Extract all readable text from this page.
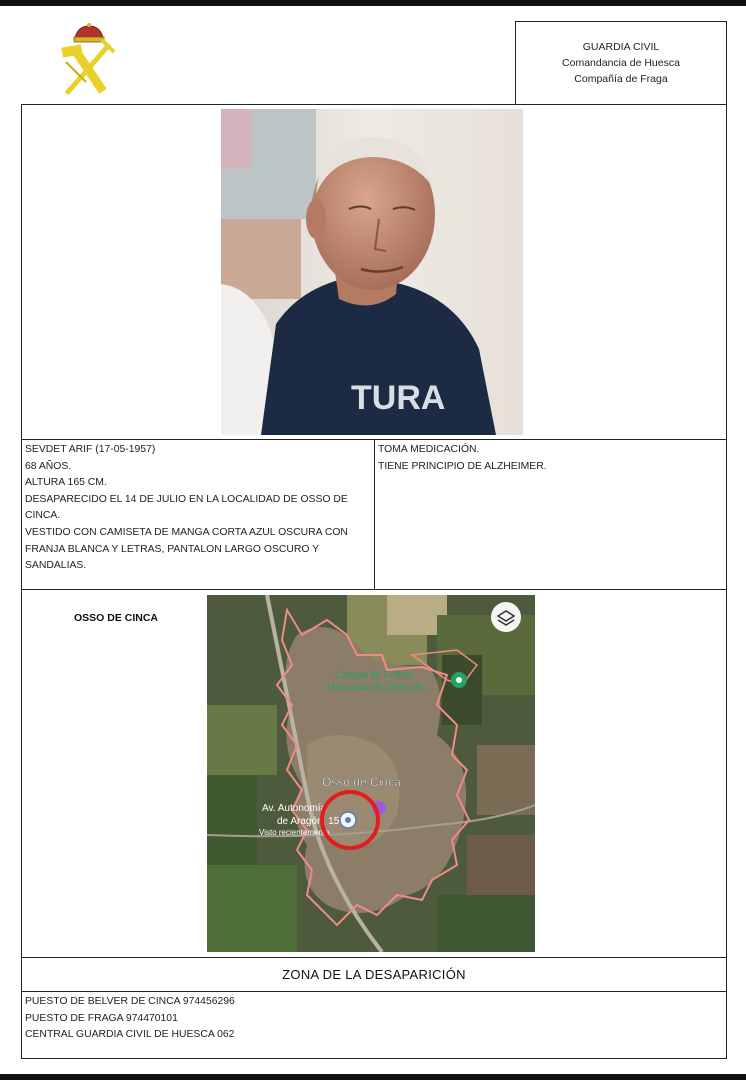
GUARDIA CIVIL
Comandancia de Huesca
Compañía de Fraga
TURA
SEVDET ARIF (17-05-1957)
68 AÑOS.
ALTURA 165 CM.
DESAPARECIDO EL 14 DE JULIO EN LA LOCALIDAD DE OSSO DE
CINCA.
VESTIDO CON CAMISETA DE MANGA CORTA AZUL OSCURA CON
FRANJA BLANCA Y LETRAS, PANTALON LARGO OSCURO Y
SANDALIAS.
TOMA MEDICACIÓN.
TIENE PRINCIPIO DE ALZHEIMER.
OSSO DE CINCA
Campo de Fútbol
Municipal de Osso de...
Osso de Cinca
Av. Autonomía
de Aragón, 15
Visto recientemente
ZONA DE LA DESAPARICIÓN
PUESTO DE BELVER DE CINCA 974456296
PUESTO DE FRAGA 974470101
CENTRAL GUARDIA CIVIL DE HUESCA 062
